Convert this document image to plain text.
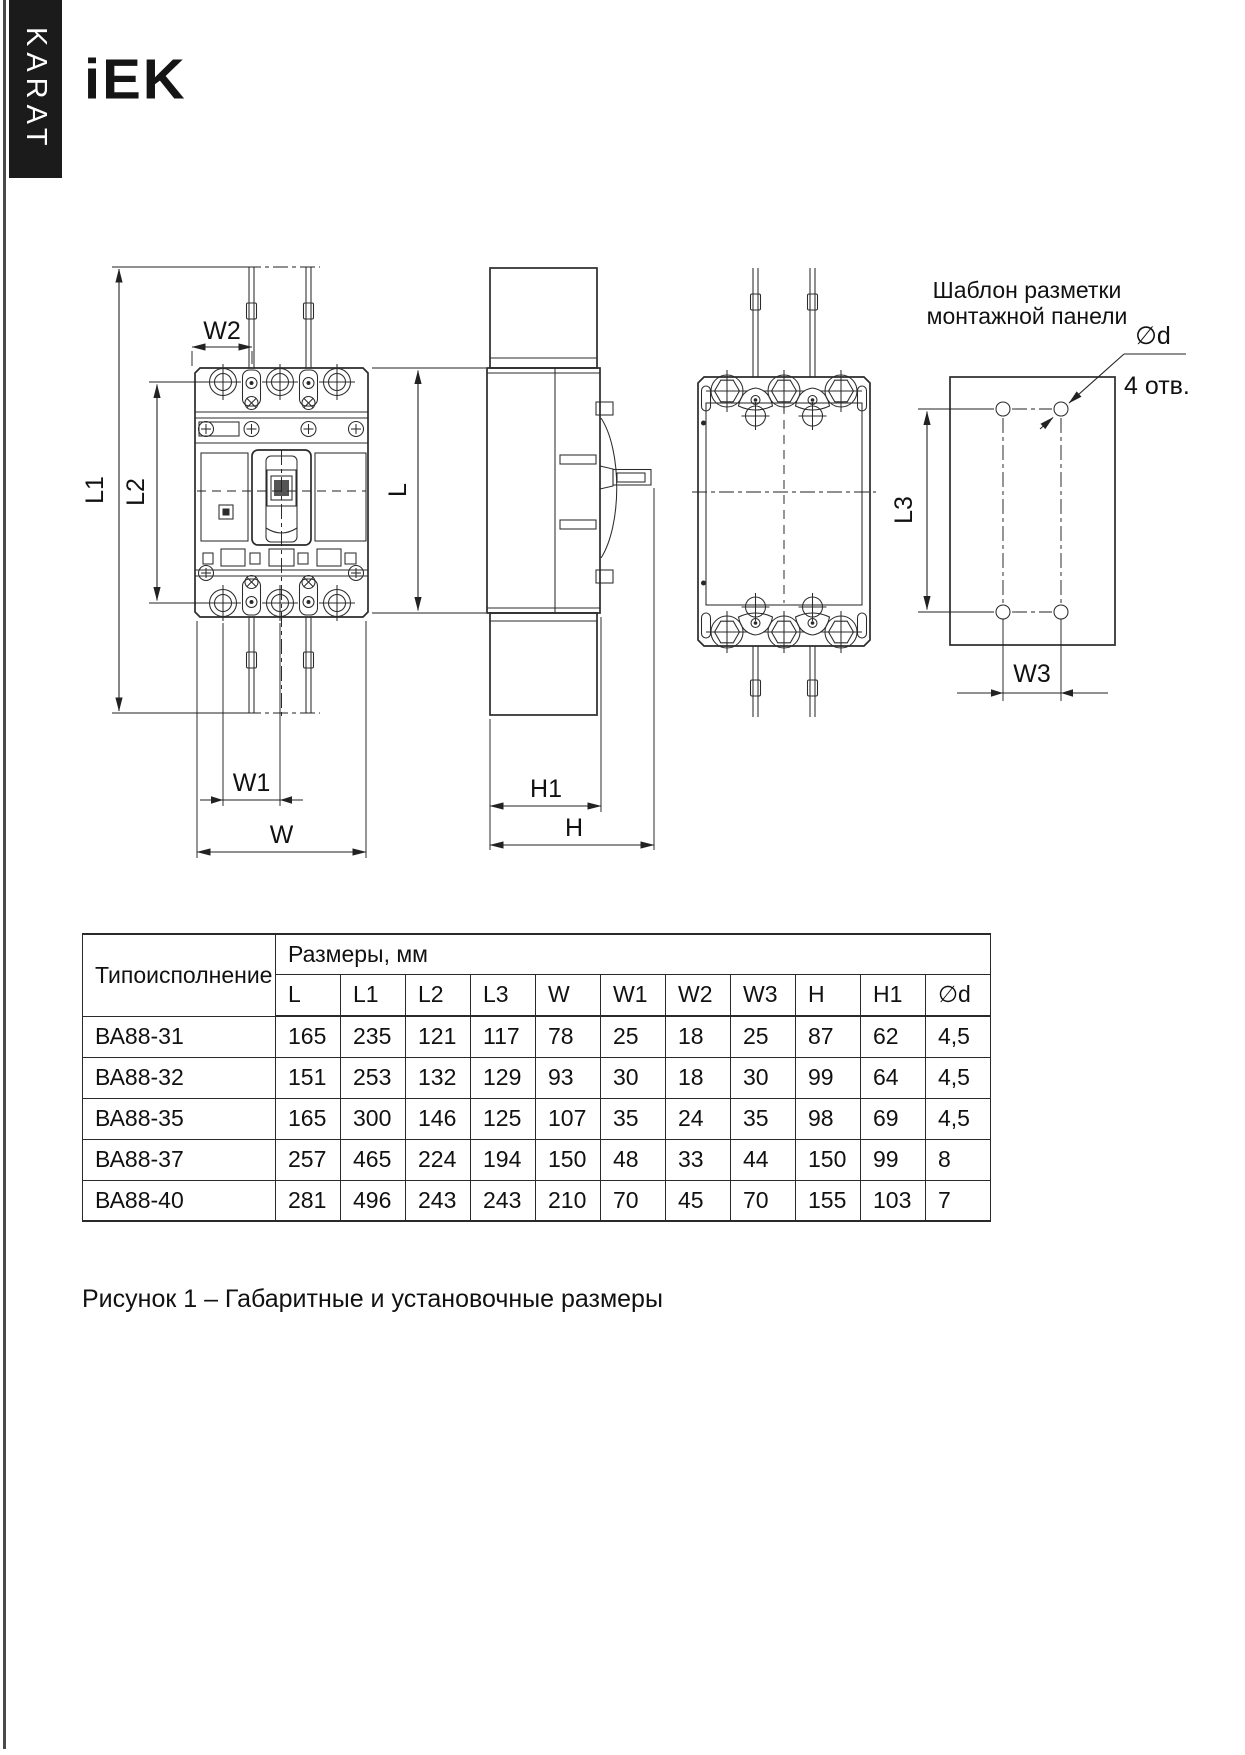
KARAT iEK
L1 L2
W2
W1
W
L
H1
H
Шаблон разметки
монтажной панели
L3
∅d
4 отв.
W3
Типоисполнение	Размеры, мм										
	L	L1	L2	L3	W	W1	W2	W3	H	H1	∅d
ВА88-31	165	235	121	117	78	25	18	25	87	62	4,5
ВА88-32	151	253	132	129	93	30	18	30	99	64	4,5
ВА88-35	165	300	146	125	107	35	24	35	98	69	4,5
ВА88-37	257	465	224	194	150	48	33	44	150	99	8
ВА88-40	281	496	243	243	210	70	45	70	155	103	7
Рисунок 1 – Габаритные и установочные размеры
